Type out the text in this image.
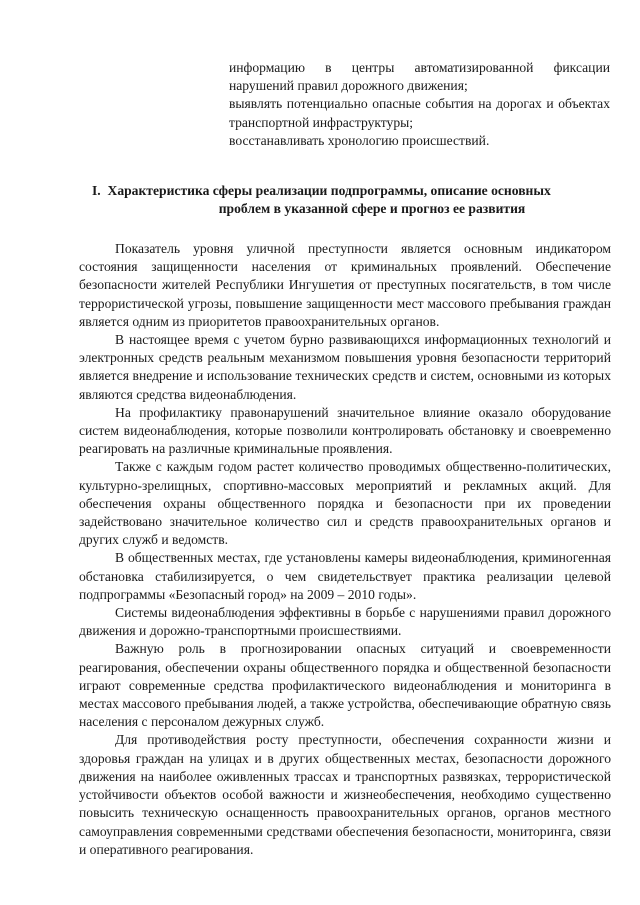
информацию в центры автоматизированной фиксации нарушений правил дорожного движения;

выявлять потенциально опасные события на дорогах и объектах транспортной инфраструктуры;

восстанавливать хронологию происшествий.

I. Характеристика сферы реализации подпрограммы, описание основных
проблем в указанной сфере и прогноз ее развития

Показатель уровня уличной преступности является основным индикатором состояния защищенности населения от криминальных проявлений. Обеспечение безопасности жителей Республики Ингушетия от преступных посягательств, в том числе террористической угрозы, повышение защищенности мест массового пребывания граждан является одним из приоритетов правоохранительных органов.

В настоящее время с учетом бурно развивающихся информационных технологий и электронных средств реальным механизмом повышения уровня безопасности территорий является внедрение и использование технических средств и систем, основными из которых являются средства видеонаблюдения.

На профилактику правонарушений значительное влияние оказало оборудование систем видеонаблюдения, которые позволили контролировать обстановку и своевременно реагировать на различные криминальные проявления.

Также с каждым годом растет количество проводимых общественно-политических, культурно-зрелищных, спортивно-массовых мероприятий и рекламных акций. Для обеспечения охраны общественного порядка и безопасности при их проведении задействовано значительное количество сил и средств правоохранительных органов и других служб и ведомств.

В общественных местах, где установлены камеры видеонаблюдения, криминогенная обстановка стабилизируется, о чем свидетельствует практика реализации целевой подпрограммы «Безопасный город» на 2009 – 2010 годы».

Системы видеонаблюдения эффективны в борьбе с нарушениями правил дорожного движения и дорожно-транспортными происшествиями.

Важную роль в прогнозировании опасных ситуаций и своевременности реагирования, обеспечении охраны общественного порядка и общественной безопасности играют современные средства профилактического видеонаблюдения и мониторинга в местах массового пребывания людей, а также устройства, обеспечивающие обратную связь населения с персоналом дежурных служб.

Для противодействия росту преступности, обеспечения сохранности жизни и здоровья граждан на улицах и в других общественных местах, безопасности дорожного движения на наиболее оживленных трассах и транспортных развязках, террористической устойчивости объектов особой важности и жизнеобеспечения, необходимо существенно повысить техническую оснащенность правоохранительных органов, органов местного самоуправления современными средствами обеспечения безопасности, мониторинга, связи и оперативного реагирования.
